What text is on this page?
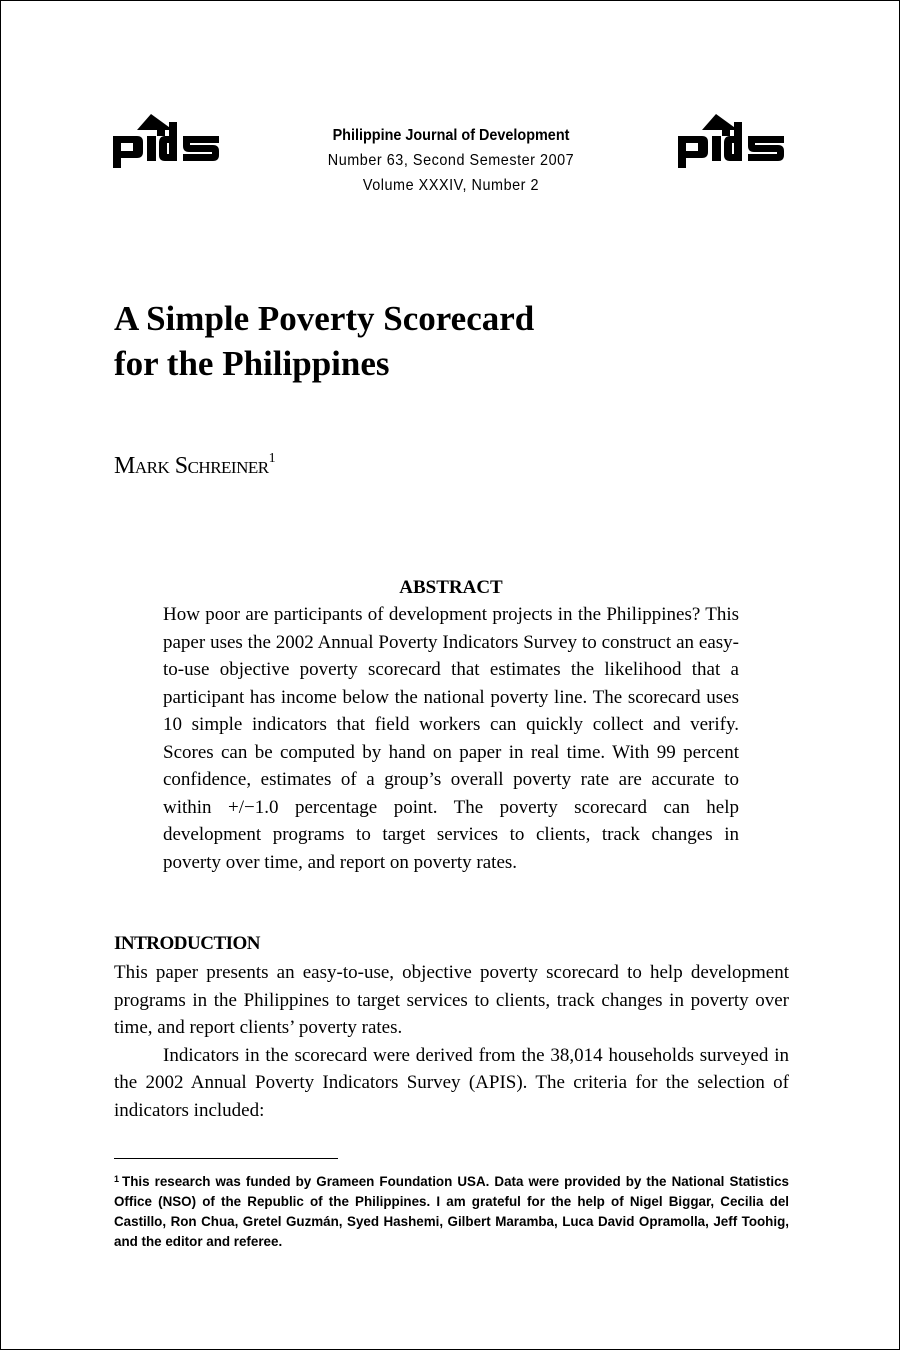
Philippine Journal of Development
Number 63, Second Semester 2007
Volume XXXIV, Number 2
A Simple Poverty Scorecard
for the Philippines
Mark Schreiner$^1$
ABSTRACT

How poor are participants of development projects in the Philippines? This paper uses the 2002 Annual Poverty Indicators Survey to construct an easy-to-use objective poverty scorecard that estimates the likelihood that a participant has income below the national poverty line. The scorecard uses 10 simple indicators that field workers can quickly collect and verify. Scores can be computed by hand on paper in real time. With 99 percent confidence, estimates of a group’s overall poverty rate are accurate to within +/−1.0 percentage point. The poverty scorecard can help development programs to target services to clients, track changes in poverty over time, and report on poverty rates.

INTRODUCTION

This paper presents an easy-to-use, objective poverty scorecard to help development programs in the Philippines to target services to clients, track changes in poverty over time, and report clients’ poverty rates.

Indicators in the scorecard were derived from the 38,014 households surveyed in the 2002 Annual Poverty Indicators Survey (APIS). The criteria for the selection of indicators included:

$^1$ This research was funded by Grameen Foundation USA. Data were provided by the National Statistics Office (NSO) of the Republic of the Philippines. I am grateful for the help of Nigel Biggar, Cecilia del Castillo, Ron Chua, Gretel Guzmán, Syed Hashemi, Gilbert Maramba, Luca David Opramolla, Jeff Toohig, and the editor and referee.
